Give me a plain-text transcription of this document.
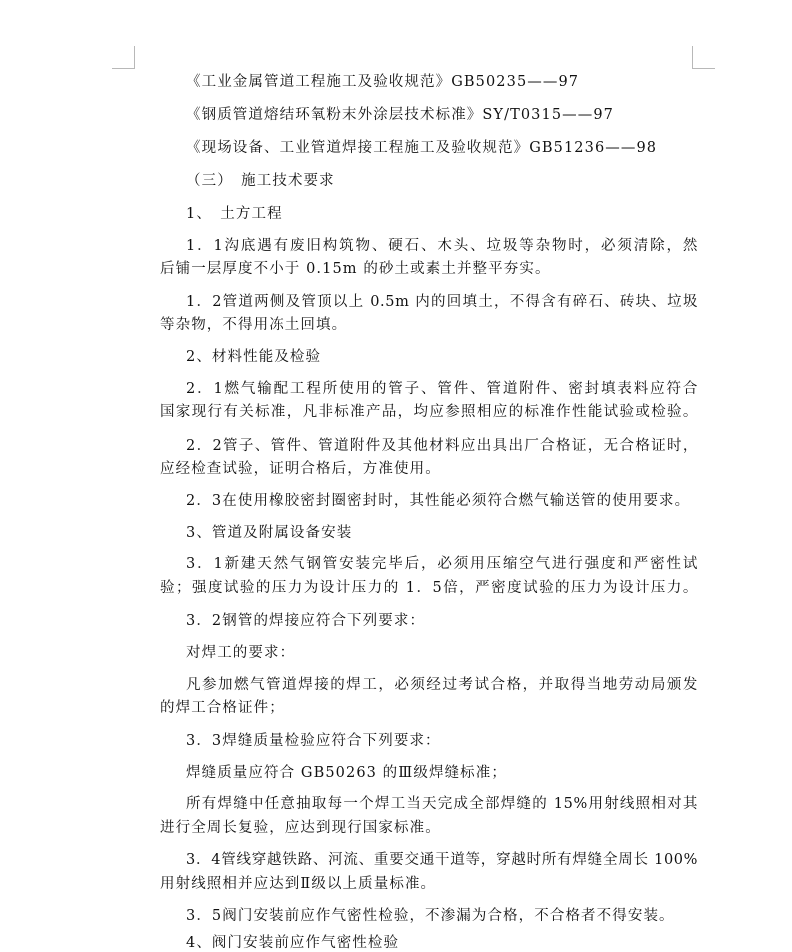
《工业金属管道工程施工及验收规范》GB50235——97
《钢质管道熔结环氧粉末外涂层技术标准》SY/T0315——97
《现场设备、工业管道焊接工程施工及验收规范》GB51236——98
（三）　施工技术要求
1、　土方工程
1．1沟底遇有废旧构筑物、硬石、木头、垃圾等杂物时，必须清除，然
后铺一层厚度不小于 0.15m 的砂土或素土并整平夯实。
1．2管道两侧及管顶以上 0.5m 内的回填土，不得含有碎石、砖块、垃圾
等杂物，不得用冻土回填。
2、材料性能及检验
2．1燃气输配工程所使用的管子、管件、管道附件、密封填表料应符合
国家现行有关标准，凡非标准产品，均应参照相应的标准作性能试验或检验。
2．2管子、管件、管道附件及其他材料应出具出厂合格证，无合格证时，
应经检查试验，证明合格后，方准使用。
2．3在使用橡胶密封圈密封时，其性能必须符合燃气输送管的使用要求。
3、管道及附属设备安装
3．1新建天然气钢管安装完毕后，必须用压缩空气进行强度和严密性试
验；强度试验的压力为设计压力的 1．5倍，严密度试验的压力为设计压力。
3．2钢管的焊接应符合下列要求：
对焊工的要求：
凡参加燃气管道焊接的焊工，必须经过考试合格，并取得当地劳动局颁发
的焊工合格证件；
3．3焊缝质量检验应符合下列要求：
焊缝质量应符合 GB50263 的Ⅲ级焊缝标准；
所有焊缝中任意抽取每一个焊工当天完成全部焊缝的 15%用射线照相对其
进行全周长复验，应达到现行国家标准。
3．4管线穿越铁路、河流、重要交通干道等，穿越时所有焊缝全周长 100%
用射线照相并应达到Ⅱ级以上质量标准。
3．5阀门安装前应作气密性检验，不渗漏为合格，不合格者不得安装。
4、阀门安装前应作气密性检验
